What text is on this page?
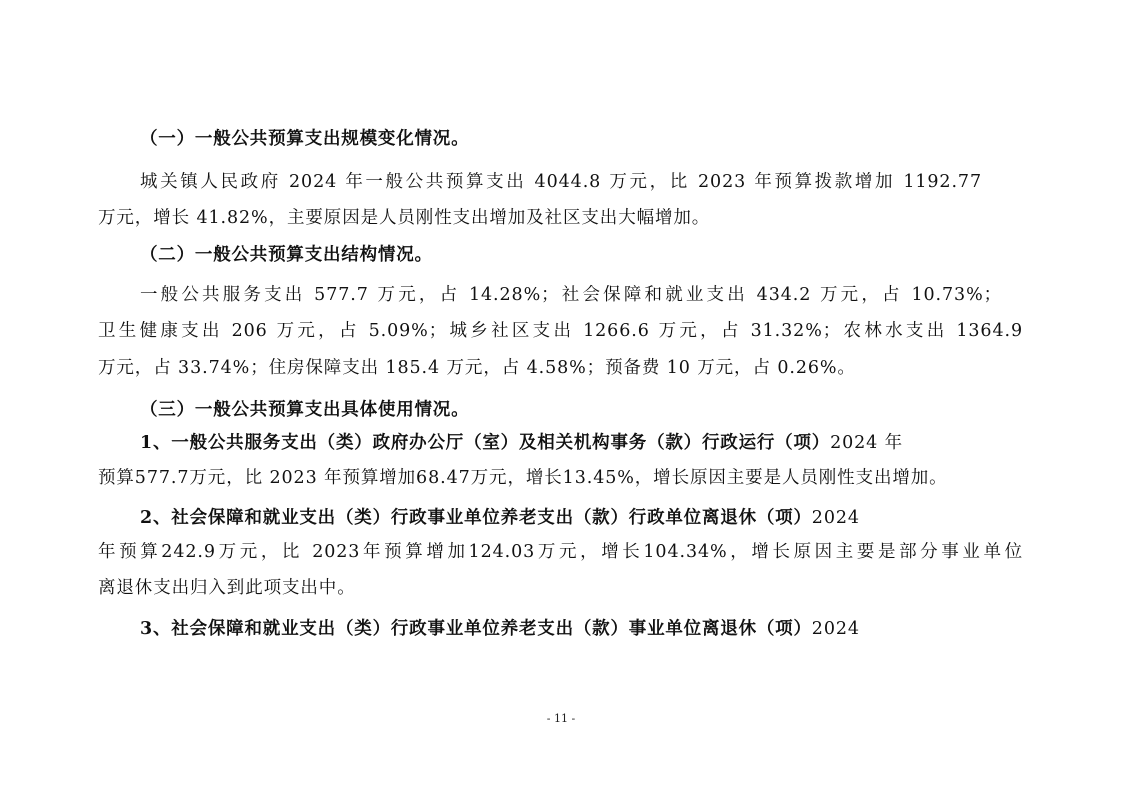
（一）一般公共预算支出规模变化情况。
城关镇人民政府 2024 年一般公共预算支出 4044.8 万元，比 2023 年预算拨款增加 1192.77
万元，增长 41.82%，主要原因是人员刚性支出增加及社区支出大幅增加。
（二）一般公共预算支出结构情况。
一般公共服务支出 577.7 万元，占 14.28%；社会保障和就业支出 434.2 万元，占 10.73%；
卫生健康支出 206 万元，占 5.09%；城乡社区支出 1266.6 万元，占 31.32%；农林水支出 1364.9
万元，占 33.74%；住房保障支出 185.4 万元，占 4.58%；预备费 10 万元，占 0.26%。
（三）一般公共预算支出具体使用情况。
1、一般公共服务支出（类）政府办公厅（室）及相关机构事务（款）行政运行（项）2024 年
预算577.7万元，比 2023 年预算增加68.47万元，增长13.45%，增长原因主要是人员刚性支出增加。
2、社会保障和就业支出（类）行政事业单位养老支出（款）行政单位离退休（项）2024
年预算242.9万元，比 2023年预算增加124.03万元，增长104.34%，增长原因主要是部分事业单位
离退休支出归入到此项支出中。
3、社会保障和就业支出（类）行政事业单位养老支出（款）事业单位离退休（项）2024
- 11 -
